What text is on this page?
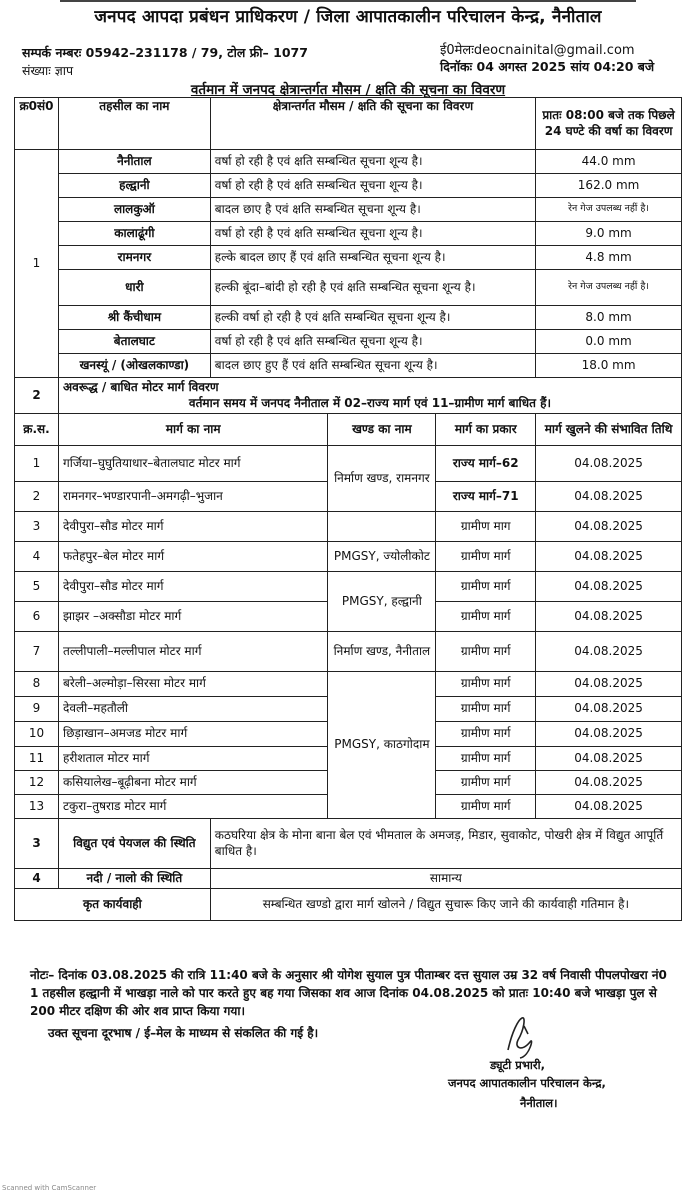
जनपद आपदा प्रबंधन प्राधिकरण / जिला आपातकालीन परिचालन केन्द्र, नैनीताल
सम्पर्क नम्बरः 05942–231178 / 79, टोल फ्री– 1077
संख्याः ज्ञाप
ई0मेलःdeocnainital@gmail.com
दिनॉकः 04 अगस्त 2025 सांय 04:20 बजे
वर्तमान में जनपद क्षेत्रान्तर्गत मौसम / क्षति की सूचना का विवरण
क्र0सं0	तहसील का नाम	क्षेत्रान्तर्गत मौसम / क्षति की सूचना का विवरण			प्रातः 08:00 बजे तक पिछले 24 घण्टे की वर्षा का विवरण
1	नैनीताल	वर्षा हो रही है एवं क्षति सम्बन्धित सूचना शून्य है।			44.0 mm
	हल्द्वानी	वर्षा हो रही है एवं क्षति सम्बन्धित सूचना शून्य है।			162.0 mm
	लालकुऑ	बादल छाए है एवं क्षति सम्बन्धित सूचना शून्य है।			रेन गेज उपलब्ध नहीं है।
	कालाढूंगी	वर्षा हो रही है एवं क्षति सम्बन्धित सूचना शून्य है।			9.0 mm
	रामनगर	हल्के बादल छाए हैं एवं क्षति सम्बन्धित सूचना शून्य है।			4.8 mm
	धारी	हल्की बूंदा–बांदी हो रही है एवं क्षति सम्बन्धित सूचना शून्य है।			रेन गेज उपलब्ध नहीं है।
	श्री कैंचीधाम	हल्की वर्षा हो रही है एवं क्षति सम्बन्धित सूचना शून्य है।			8.0 mm
	बेतालघाट	वर्षा हो रही है एवं क्षति सम्बन्धित सूचना शून्य है।			0.0 mm
	खनस्यूं / (ओखलकाण्डा)	बादल छाए हुए हैं एवं क्षति सम्बन्धित सूचना शून्य है।			18.0 mm
2	अवरूद्ध / बाधित मोटर मार्ग विवरण
वर्तमान समय में जनपद नैनीताल में 02–राज्य मार्ग एवं 11–ग्रामीण मार्ग बाधित हैं।				

क्र.स.	मार्ग का नाम		खण्ड का नाम	मार्ग का प्रकार	मार्ग खुलने की संभावित तिथि
1	गर्जिया–घुघुतियाधार–बेतालघाट मोटर मार्ग		निर्माण खण्ड, रामनगर	राज्य मार्ग–62	04.08.2025
2	रामनगर–भण्डारपानी–अमगढ़ी–भुजान			राज्य मार्ग–71	04.08.2025
3	देवीपुरा–सौड मोटर मार्ग			ग्रामीण माग	04.08.2025
4	फतेहपुर–बेल मोटर मार्ग		PMGSY, ज्योलीकोट	ग्रामीण मार्ग	04.08.2025
5	देवीपुरा–सौड मोटर मार्ग		PMGSY, हल्द्वानी	ग्रामीण मार्ग	04.08.2025
6	झाझर –अक्सौडा मोटर मार्ग			ग्रामीण मार्ग	04.08.2025
7	तल्लीपाली–मल्लीपाल मोटर मार्ग		निर्माण खण्ड, नैनीताल	ग्रामीण मार्ग	04.08.2025
8	बरेली–अल्मोड़ा–सिरसा मोटर मार्ग		PMGSY, काठगोदाम	ग्रामीण मार्ग	04.08.2025
9	देवली–महतौली			ग्रामीण मार्ग	04.08.2025
10	छिड़ाखान–अमजड मोटर मार्ग			ग्रामीण मार्ग	04.08.2025
11	हरीशताल मोटर मार्ग			ग्रामीण मार्ग	04.08.2025
12	कसियालेख–बूढ़ीबना मोटर मार्ग			ग्रामीण मार्ग	04.08.2025
13	टकुरा–तुषराड मोटर मार्ग			ग्रामीण मार्ग	04.08.2025
3	विद्युत एवं पेयजल की स्थिति	कठघरिया क्षेत्र के मोना बाना बेल एवं भीमताल के अमजड़, मिडार, सुवाकोट, पोखरी क्षेत्र में विद्युत आपूर्ति बाधित है।			
4	नदी / नालो की स्थिति	सामान्य			
कृत कार्यवाही		सम्बन्धित खण्डो द्वारा मार्ग खोलने / विद्युत सुचारू किए जाने की कार्यवाही गतिमान है।			
नोटः– दिनांक 03.08.2025 की रात्रि 11:40 बजे के अनुसार श्री योगेश सुयाल पुत्र पीताम्बर दत्त सुयाल उम्र 32 वर्ष निवासी पीपलपोखरा नं0 1 तहसील हल्द्वानी में भाखड़ा नाले को पार करते हुए बह गया जिसका शव आज दिनांक 04.08.2025 को प्रातः 10:40 बजे भाखड़ा पुल से 200 मीटर दक्षिण की ओर शव प्राप्त किया गया।
उक्त सूचना दूरभाष / ई–मेल के माध्यम से संकलित की गई है।
ड्यूटी प्रभारी,
जनपद आपातकालीन परिचालन केन्द्र,
नैनीताल।
Scanned with CamScanner
